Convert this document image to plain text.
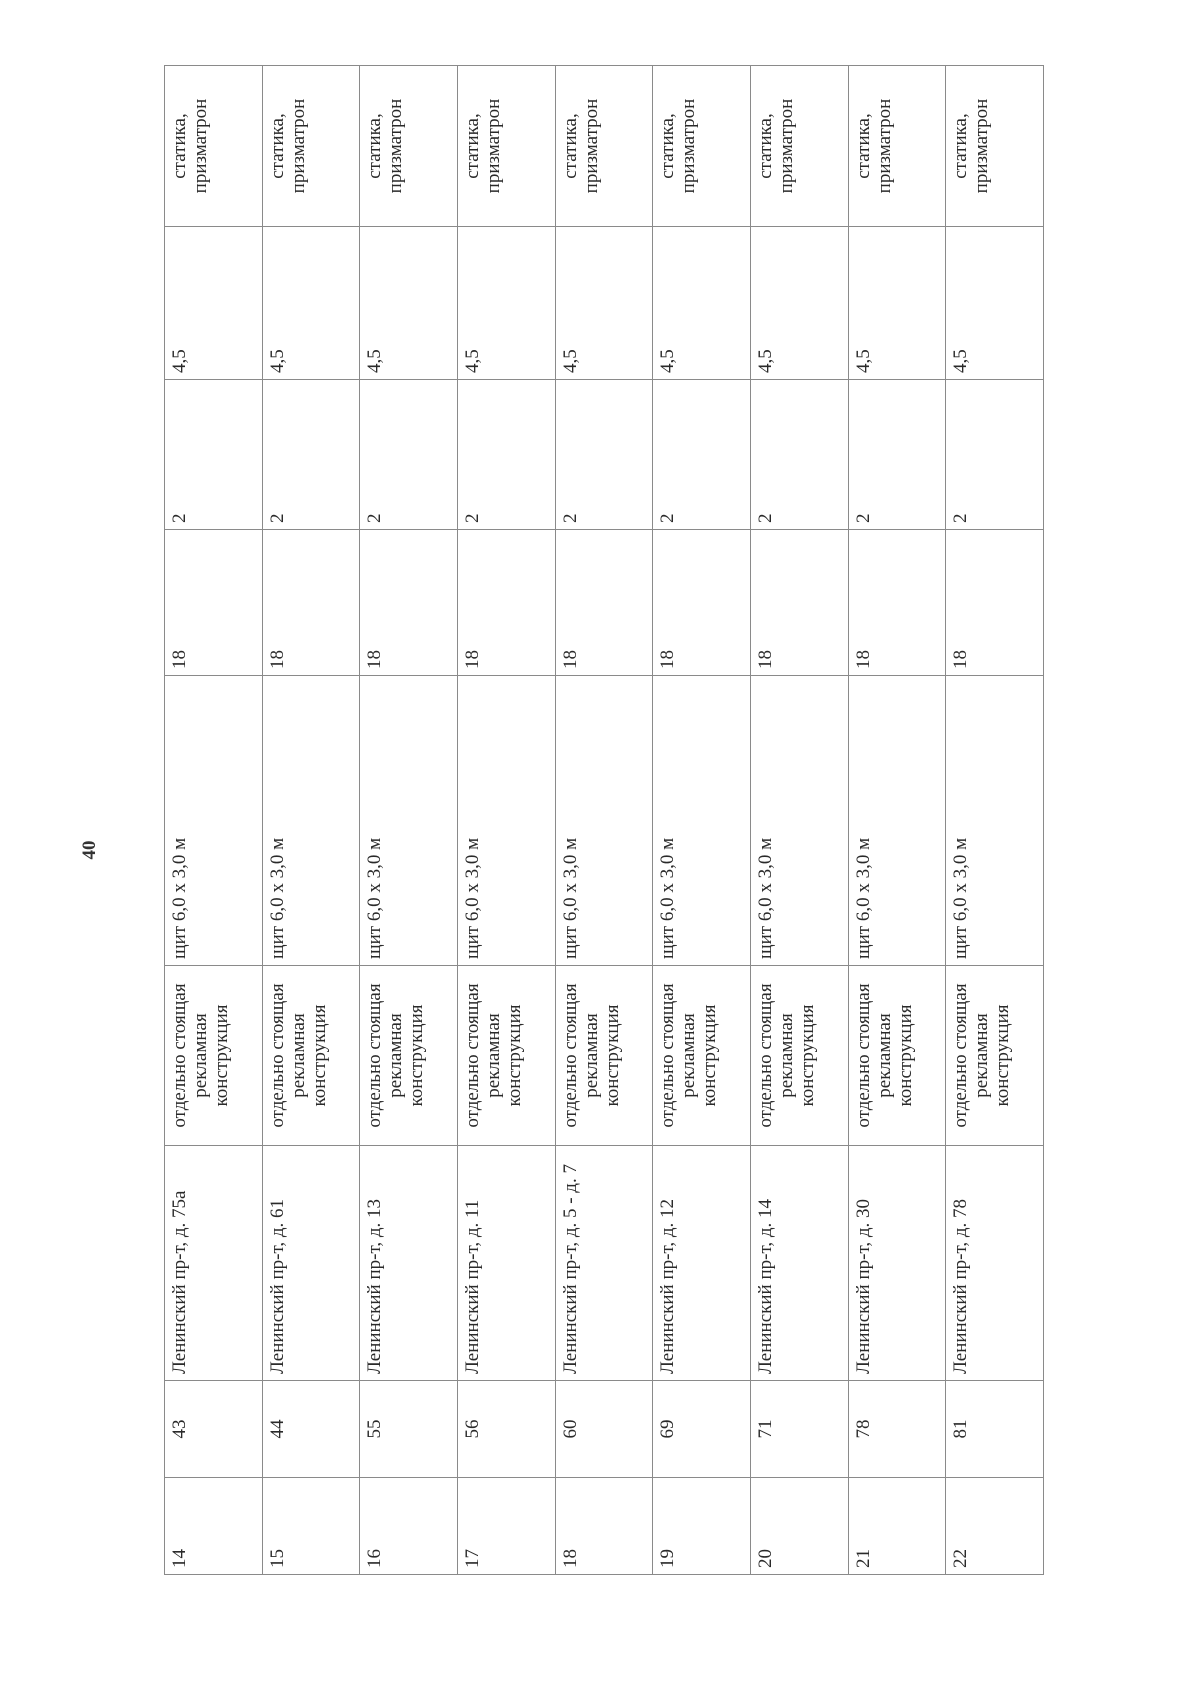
40
14	43	Ленинский пр-т, д. 75а	отдельно стоящая рекламная конструкция	щит 6,0 х 3,0 м	18	2	4,5	статика, призматрон
15	44	Ленинский пр-т, д. 61	отдельно стоящая рекламная конструкция	щит 6,0 х 3,0 м	18	2	4,5	статика, призматрон
16	55	Ленинский пр-т, д. 13	отдельно стоящая рекламная конструкция	щит 6,0 х 3,0 м	18	2	4,5	статика, призматрон
17	56	Ленинский пр-т, д. 11	отдельно стоящая рекламная конструкция	щит 6,0 х 3,0 м	18	2	4,5	статика, призматрон
18	60	Ленинский пр-т, д. 5 - д. 7	отдельно стоящая рекламная конструкция	щит 6,0 х 3,0 м	18	2	4,5	статика, призматрон
19	69	Ленинский пр-т, д. 12	отдельно стоящая рекламная конструкция	щит 6,0 х 3,0 м	18	2	4,5	статика, призматрон
20	71	Ленинский пр-т, д. 14	отдельно стоящая рекламная конструкция	щит 6,0 х 3,0 м	18	2	4,5	статика, призматрон
21	78	Ленинский пр-т, д. 30	отдельно стоящая рекламная конструкция	щит 6,0 х 3,0 м	18	2	4,5	статика, призматрон
22	81	Ленинский пр-т, д. 78	отдельно стоящая рекламная конструкция	щит 6,0 х 3,0 м	18	2	4,5	статика, призматрон
